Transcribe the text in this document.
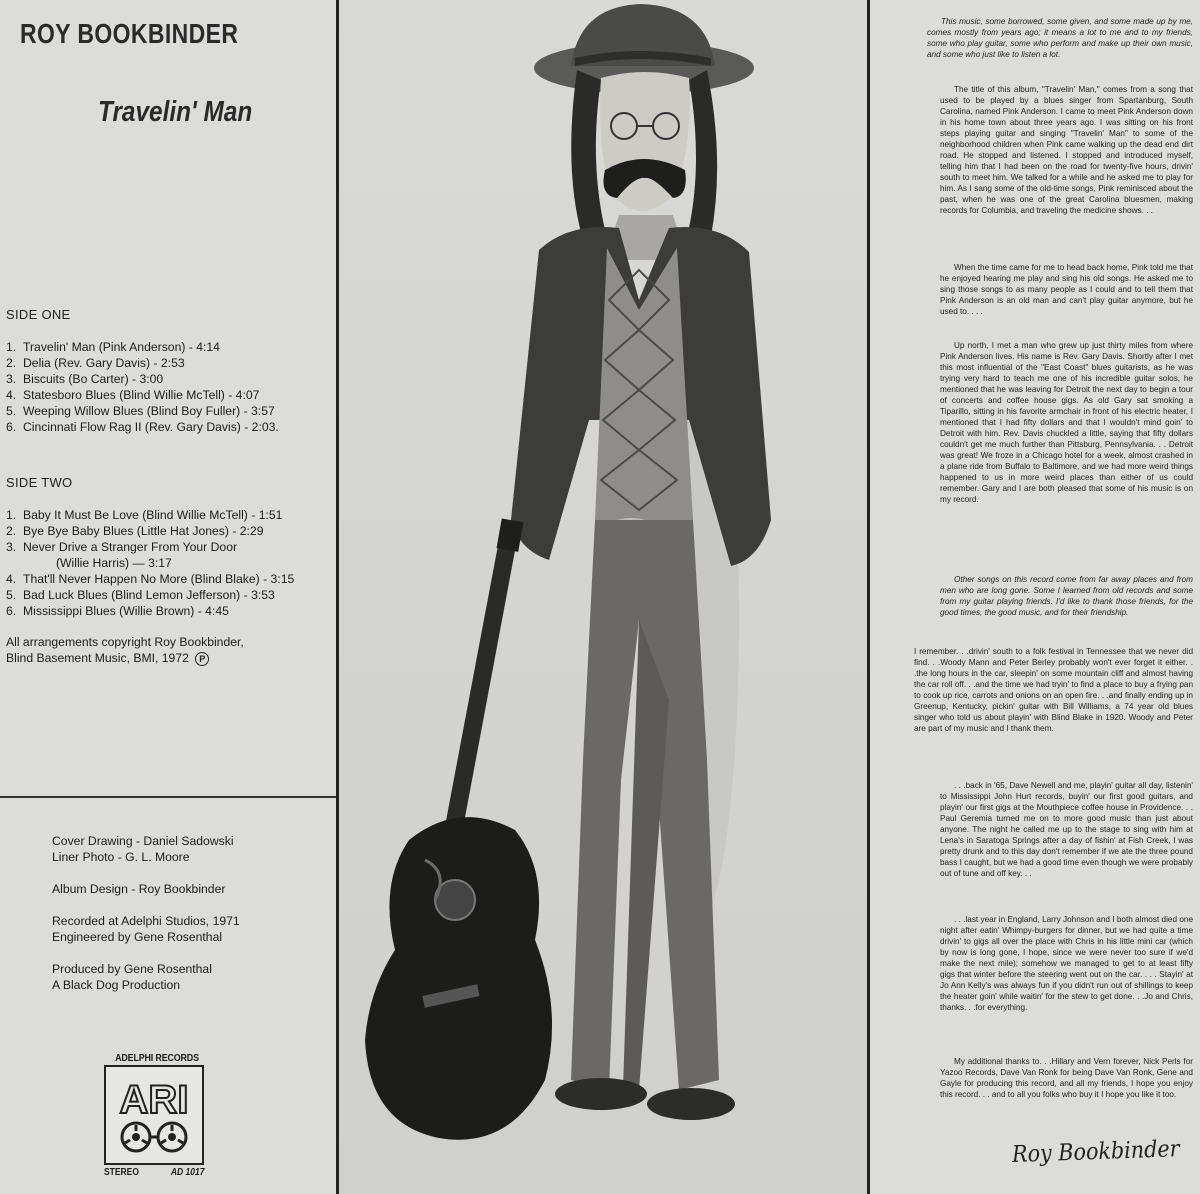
ROY BOOKBINDER
Travelin' Man
SIDE ONE
1. Travelin' Man (Pink Anderson) - 4:14
2. Delia (Rev. Gary Davis) - 2:53
3. Biscuits (Bo Carter) - 3:00
4. Statesboro Blues (Blind Willie McTell) - 4:07
5. Weeping Willow Blues (Blind Boy Fuller) - 3:57
6. Cincinnati Flow Rag II (Rev. Gary Davis) - 2:03.
SIDE TWO
1. Baby It Must Be Love (Blind Willie McTell) - 1:51
2. Bye Bye Baby Blues (Little Hat Jones) - 2:29
3. Never Drive a Stranger From Your Door
(Willie Harris) — 3:17
4. That'll Never Happen No More (Blind Blake) - 3:15
5. Bad Luck Blues (Blind Lemon Jefferson) - 3:53
6. Mississippi Blues (Willie Brown) - 4:45
All arrangements copyright Roy Bookbinder,
Blind Basement Music, BMI, 1972 P
Cover Drawing - Daniel Sadowski
Liner Photo - G. L. Moore
Album Design - Roy Bookbinder
Recorded at Adelphi Studios, 1971
Engineered by Gene Rosenthal
Produced by Gene Rosenthal
A Black Dog Production
ADELPHI RECORDS
ARI
STEREO	AD 1017

This music, some borrowed, some given, and some made up by me, comes mostly from years ago; it means a lot to me and to my friends, some who play guitar, some who perform and make up their own music, and some who just like to listen a lot.

The title of this album, "Travelin' Man," comes from a song that used to be played by a blues singer from Spartanburg, South Carolina, named Pink Anderson. I came to meet Pink Anderson down in his home town about three years ago. I was sitting on his front steps playing guitar and singing "Travelin' Man" to some of the neighborhood children when Pink came walking up the dead end dirt road. He stopped and listened. I stopped and introduced myself, telling him that I had been on the road for twenty-five hours, drivin' south to meet him. We talked for a while and he asked me to play for him. As I sang some of the old-time songs, Pink reminisced about the past, when he was one of the great Carolina bluesmen, making records for Columbia, and traveling the medicine shows. . .

When the time came for me to head back home, Pink told me that he enjoyed hearing me play and sing his old songs. He asked me to sing those songs to as many people as I could and to tell them that Pink Anderson is an old man and can't play guitar anymore, but he used to. . . .

Up north, I met a man who grew up just thirty miles from where Pink Anderson lives. His name is Rev. Gary Davis. Shortly after I met this most influential of the "East Coast" blues guitarists, as he was trying very hard to teach me one of his incredible guitar solos, he mentioned that he was leaving for Detroit the next day to begin a tour of concerts and coffee house gigs. As old Gary sat smoking a Tiparillo, sitting in his favorite armchair in front of his electric heater, I mentioned that I had fifty dollars and that I wouldn't mind goin' to Detroit with him. Rev. Davis chuckled a little, saying that fifty dollars couldn't get me much further than Pittsburg, Pennsylvania. . . Detroit was great! We froze in a Chicago hotel for a week, almost crashed in a plane ride from Buffalo to Baltimore, and we had more weird things happened to us in more weird places than either of us could remember. Gary and I are both pleased that some of his music is on my record.

Other songs on this record come from far away places and from men who are long gone. Some I learned from old records and some from my guitar playing friends. I'd like to thank those friends, for the good times, the good music, and for their friendship.

I remember. . .drivin' south to a folk festival in Tennessee that we never did find. . .Woody Mann and Peter Berley probably won't ever forget it either. . .the long hours in the car, sleepin' on some mountain cliff and almost having the car roll off. . .and the time we had tryin' to find a place to buy a frying pan to cook up rice, carrots and onions on an open fire. . .and finally ending up in Greenup, Kentucky, pickin' guitar with Bill Williams, a 74 year old blues singer who told us about playin' with Blind Blake in 1920. Woody and Peter are part of my music and I thank them.

. . .back in '65, Dave Newell and me, playin' guitar all day, listenin' to Mississippi John Hurt records, buyin' our first good guitars, and playin' our first gigs at the Mouthpiece coffee house in Providence. . . Paul Geremia turned me on to more good music than just about anyone. The night he called me up to the stage to sing with him at Lena's in Saratoga Springs after a day of fishin' at Fish Creek, I was pretty drunk and to this day don't remember if we ate the three pound bass I caught, but we had a good time even though we were probably out of tune and off key. . .

. . .last year in England, Larry Johnson and I both almost died one night after eatin' Whimpy-burgers for dinner, but we had quite a time drivin' to gigs all over the place with Chris in his little mini car (which by now is long gone, I hope, since we were never too sure if we'd make the next mile); somehow we managed to get to at least fifty gigs that winter before the steering went out on the car. . . . Stayin' at Jo Ann Kelly's was always fun if you didn't run out of shillings to keep the heater goin' while waitin' for the stew to get done. . .Jo and Chris, thanks. . .for everything.

My additional thanks to. . .Hillary and Vern forever, Nick Perls for Yazoo Records, Dave Van Ronk for being Dave Van Ronk, Gene and Gayle for producing this record, and all my friends, I hope you enjoy this record. . . and to all you folks who buy it I hope you like it too.

Roy Bookbinder
